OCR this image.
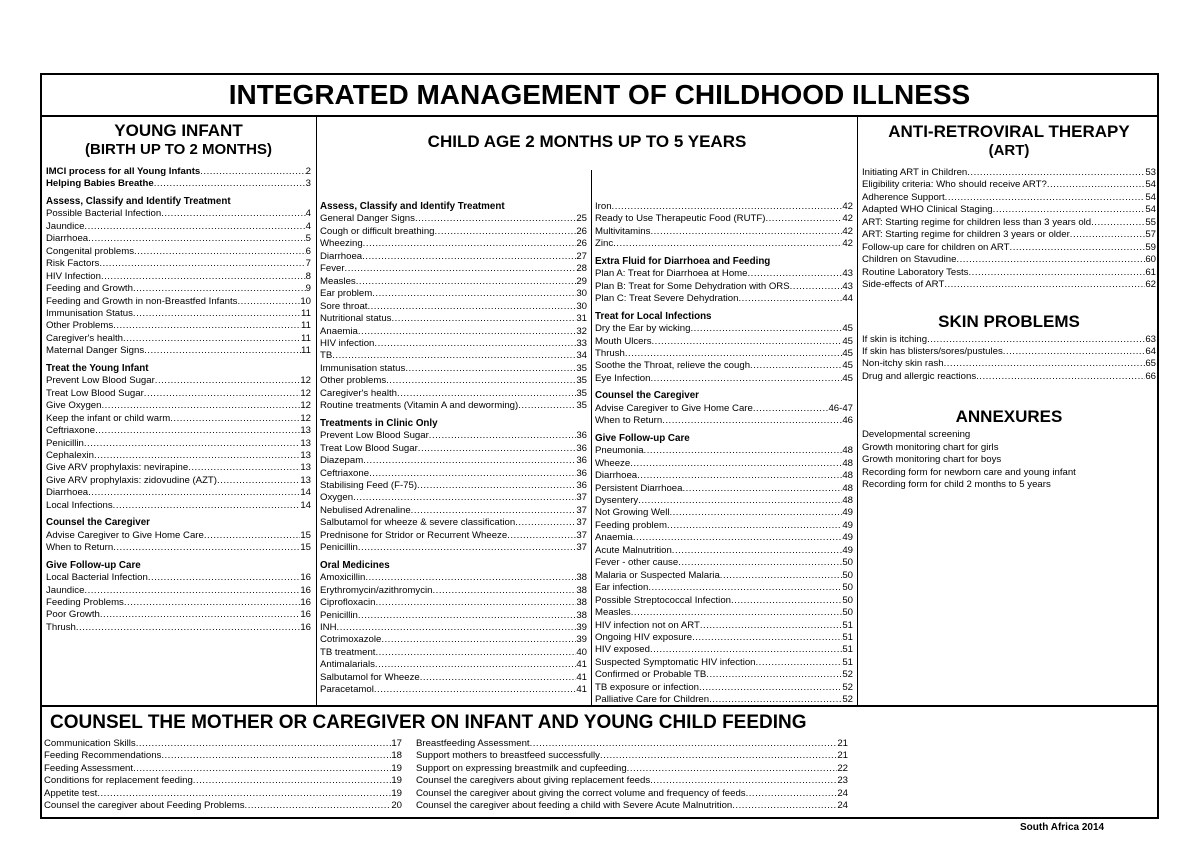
INTEGRATED MANAGEMENT OF CHILDHOOD ILLNESS
YOUNG INFANT
(BIRTH UP TO 2 MONTHS)
IMCI process for all Young Infants .....	2
Helping Babies Breathe .....	3
Assess, Classify and Identify Treatment
Possible Bacterial Infection .....	4
Jaundice .....	4
Diarrhoea .....	5
Congenital problems .....	6
Risk Factors .....	7
HIV Infection .....	8
Feeding and Growth .....	9
Feeding and Growth in non-Breastfed Infants .....	10
Immunisation Status .....	11
Other Problems .....	11
Caregiver's health .....	11
Maternal Danger Signs .....	11
Treat the Young Infant
Prevent Low Blood Sugar .....	12
Treat Low Blood Sugar .....	12
Give Oxygen .....	12
Keep the infant or child warm .....	12
Ceftriaxone .....	13
Penicillin .....	13
Cephalexin .....	13
Give ARV prophylaxis: nevirapine .....	13
Give ARV prophylaxis: zidovudine (AZT) .....	13
Diarrhoea .....	14
Local Infections .....	14
Counsel the Caregiver
Advise Caregiver to Give Home Care .....	15
When to Return .....	15
Give Follow-up Care
Local Bacterial Infection .....	16
Jaundice .....	16
Feeding Problems .....	16
Poor Growth .....	16
Thrush .....	16
CHILD AGE 2 MONTHS UP TO 5 YEARS
Assess, Classify and Identify Treatment
General Danger Signs .....	25
Cough or difficult breathing .....	26
Wheezing .....	26
Diarrhoea .....	27
Fever .....	28
Measles .....	29
Ear problem .....	30
Sore throat .....	30
Nutritional status .....	31
Anaemia .....	32
HIV infection .....	33
TB .....	34
Immunisation status .....	35
Other problems .....	35
Caregiver's health .....	35
Routine treatments (Vitamin A and deworming) .....	35
Treatments in Clinic Only
Prevent Low Blood Sugar .....	36
Treat Low Blood Sugar .....	36
Diazepam .....	36
Ceftriaxone .....	36
Stabilising Feed (F-75) .....	36
Oxygen .....	37
Nebulised Adrenaline .....	37
Salbutamol for wheeze & severe classification .....	37
Prednisone for Stridor or Recurrent Wheeze .....	37
Penicillin .....	37
Oral Medicines
Amoxicillin .....	38
Erythromycin/azithromycin .....	38
Ciprofloxacin .....	38
Penicillin .....	38
INH .....	39
Cotrimoxazole .....	39
TB treatment .....	40
Antimalarials .....	41
Salbutamol for Wheeze .....	41
Paracetamol .....	41
Iron .....	42
Ready to Use Therapeutic Food (RUTF) .....	42
Multivitamins .....	42
Zinc .....	42
Extra Fluid for Diarrhoea and Feeding
Plan A: Treat for Diarrhoea at Home .....	43
Plan B: Treat for Some Dehydration with ORS .....	43
Plan C: Treat Severe Dehydration .....	44
Treat for Local Infections
Dry the Ear by wicking .....	45
Mouth Ulcers .....	45
Thrush .....	45
Soothe the Throat, relieve the cough .....	45
Eye Infection .....	45
Counsel the Caregiver
Advise Caregiver to Give Home Care .....	46-47
When to Return .....	46
Give Follow-up Care
Pneumonia .....	48
Wheeze .....	48
Diarrhoea .....	48
Persistent Diarrhoea .....	48
Dysentery .....	48
Not Growing Well .....	49
Feeding problem .....	49
Anaemia .....	49
Acute Malnutrition .....	49
Fever - other cause .....	50
Malaria or Suspected Malaria .....	50
Ear infection .....	50
Possible Streptococcal Infection .....	50
Measles .....	50
HIV infection not on ART .....	51
Ongoing HIV exposure .....	51
HIV exposed .....	51
Suspected Symptomatic HIV infection .....	51
Confirmed or Probable TB .....	52
TB exposure or infection .....	52
Palliative Care for Children .....	52
ANTI-RETROVIRAL THERAPY
(ART)
Initiating ART in Children .....	53
Eligibility criteria: Who should receive ART? .....	54
Adherence Support .....	54
Adapted WHO Clinical Staging .....	54
ART: Starting regime for children less than 3 years old .....	55
ART: Starting regime for children 3 years or older .....	57
Follow-up care for children on ART .....	59
Children on Stavudine .....	60
Routine Laboratory Tests .....	61
Side-effects of ART .....	62
SKIN PROBLEMS
If skin is itching .....	63
If skin has blisters/sores/pustules .....	64
Non-itchy skin rash .....	65
Drug and allergic reactions .....	66
ANNEXURES
Developmental screening
Growth monitoring chart for girls
Growth monitoring chart for boys
Recording form for newborn care and young infant
Recording form for child 2 months to 5 years
COUNSEL THE MOTHER OR CAREGIVER ON INFANT AND YOUNG CHILD FEEDING
Communication Skills .....	17
Feeding Recommendations .....	18
Feeding Assessment .....	19
Conditions for replacement feeding .....	19
Appetite test .....	19
Counsel the caregiver about Feeding Problems .....	20
Breastfeeding Assessment .....	21
Support mothers to breastfeed successfully .....	21
Support on expressing breastmilk and cupfeeding .....	22
Counsel the caregivers about giving replacement feeds .....	23
Counsel the caregiver about giving the correct volume and frequency of feeds .....	24
Counsel the caregiver about feeding a child with Severe Acute Malnutrition .....	24
South Africa 2014
